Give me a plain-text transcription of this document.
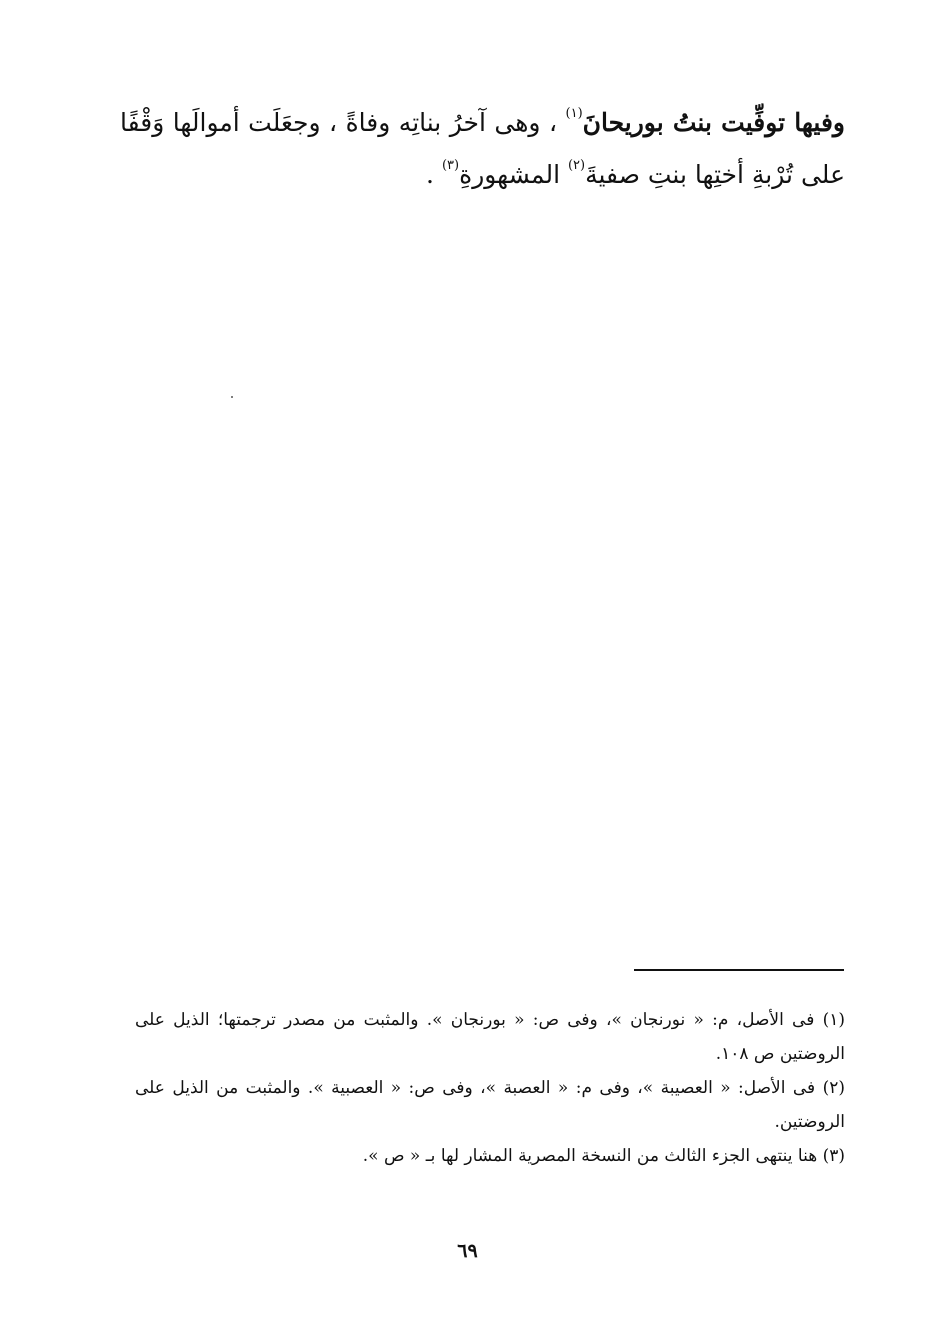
وفيها توفِّيت بنتُ بوريحانَ$^{(١)}$ ، وهى آخرُ بناتِه وفاةً ، وجعَلَت أموالَها وَقْفًا على تُرْبةِ أختِها بنتِ صفيةَ$^{(٢)}$ المشهورةِ$^{(٣)}$ .

(١) فى الأصل، م: « نورنجان »، وفى ص: « بورنجان ». والمثبت من مصدر ترجمتها؛ الذيل على الروضتين ص ١٠٨.

(٢) فى الأصل: « العصيبة »، وفى م: « العصبة »، وفى ص: « العصبية ». والمثبت من الذيل على الروضتين.

(٣) هنا ينتهى الجزء الثالث من النسخة المصرية المشار لها بـ « ص ».

٦٩
